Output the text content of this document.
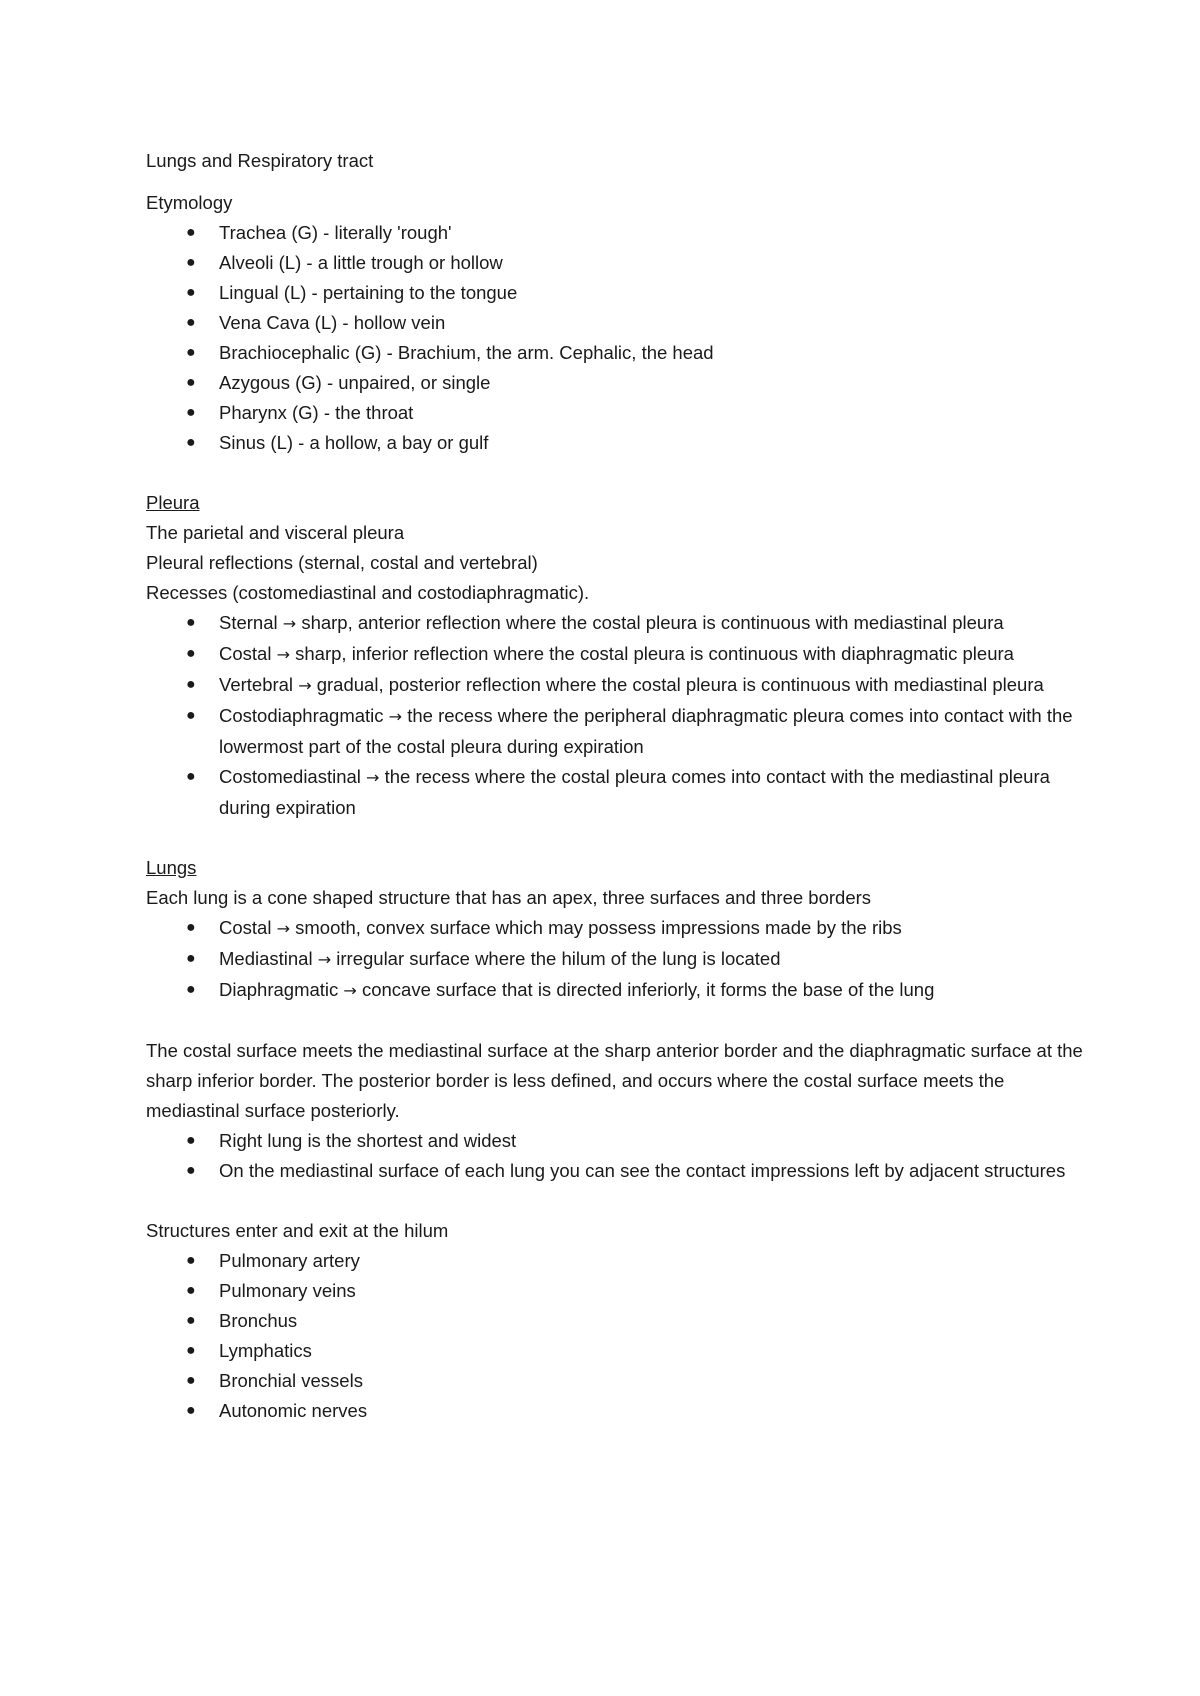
Lungs and Respiratory tract
Etymology
● Trachea (G) - literally 'rough'
● Alveoli (L) - a little trough or hollow
● Lingual (L) - pertaining to the tongue
● Vena Cava (L) - hollow vein
● Brachiocephalic (G) - Brachium, the arm. Cephalic, the head
● Azygous (G) - unpaired, or single
● Pharynx (G) - the throat
● Sinus (L) - a hollow, a bay or gulf
Pleura
The parietal and visceral pleura
Pleural reflections (sternal, costal and vertebral)
Recesses (costomediastinal and costodiaphragmatic).
● Sternal → sharp, anterior reflection where the costal pleura is continuous with mediastinal pleura
● Costal → sharp, inferior reflection where the costal pleura is continuous with diaphragmatic pleura
● Vertebral → gradual, posterior reflection where the costal pleura is continuous with mediastinal pleura
● Costodiaphragmatic → the recess where the peripheral diaphragmatic pleura comes into contact with the lowermost part of the costal pleura during expiration
● Costomediastinal → the recess where the costal pleura comes into contact with the mediastinal pleura during expiration
Lungs
Each lung is a cone shaped structure that has an apex, three surfaces and three borders
● Costal → smooth, convex surface which may possess impressions made by the ribs
● Mediastinal → irregular surface where the hilum of the lung is located
● Diaphragmatic → concave surface that is directed inferiorly, it forms the base of the lung
The costal surface meets the mediastinal surface at the sharp anterior border and the diaphragmatic surface at the sharp inferior border. The posterior border is less defined, and occurs where the costal surface meets the mediastinal surface posteriorly.
● Right lung is the shortest and widest
● On the mediastinal surface of each lung you can see the contact impressions left by adjacent structures
Structures enter and exit at the hilum
● Pulmonary artery
● Pulmonary veins
● Bronchus
● Lymphatics
● Bronchial vessels
● Autonomic nerves
